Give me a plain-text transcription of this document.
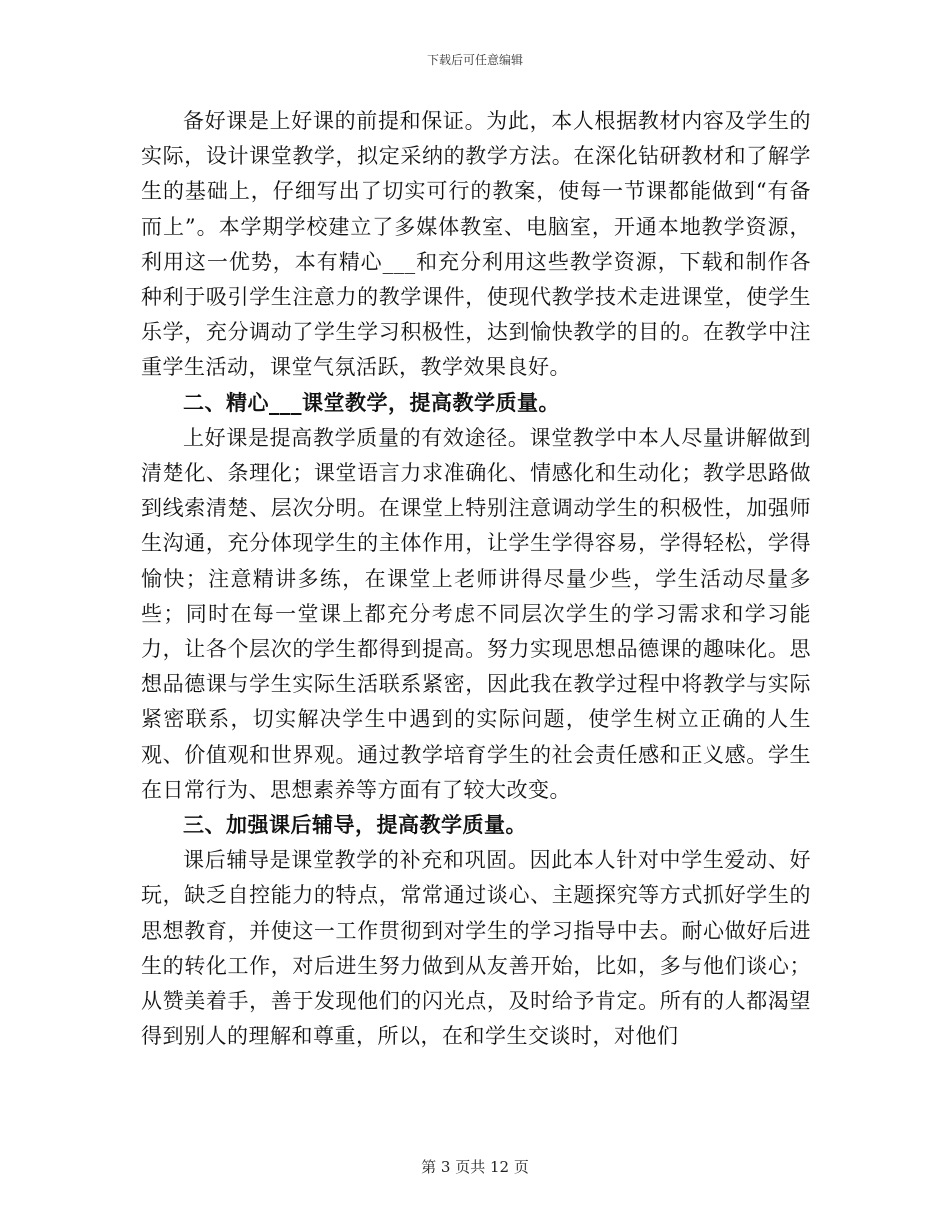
下载后可任意编辑

备好课是上好课的前提和保证。为此，本人根据教材内容及学生的实际，设计课堂教学，拟定采纳的教学方法。在深化钻研教材和了解学生的基础上，仔细写出了切实可行的教案，使每一节课都能做到“有备而上”。本学期学校建立了多媒体教室、电脑室，开通本地教学资源，利用这一优势，本有精心___和充分利用这些教学资源，下载和制作各种利于吸引学生注意力的教学课件，使现代教学技术走进课堂，使学生乐学，充分调动了学生学习积极性，达到愉快教学的目的。在教学中注重学生活动，课堂气氛活跃，教学效果良好。

二、精心___课堂教学，提高教学质量。

上好课是提高教学质量的有效途径。课堂教学中本人尽量讲解做到清楚化、条理化；课堂语言力求准确化、情感化和生动化；教学思路做到线索清楚、层次分明。在课堂上特别注意调动学生的积极性，加强师生沟通，充分体现学生的主体作用，让学生学得容易，学得轻松，学得愉快；注意精讲多练，在课堂上老师讲得尽量少些，学生活动尽量多些；同时在每一堂课上都充分考虑不同层次学生的学习需求和学习能力，让各个层次的学生都得到提高。努力实现思想品德课的趣味化。思想品德课与学生实际生活联系紧密，因此我在教学过程中将教学与实际紧密联系，切实解决学生中遇到的实际问题，使学生树立正确的人生观、价值观和世界观。通过教学培育学生的社会责任感和正义感。学生在日常行为、思想素养等方面有了较大改变。

三、加强课后辅导，提高教学质量。

课后辅导是课堂教学的补充和巩固。因此本人针对中学生爱动、好玩，缺乏自控能力的特点，常常通过谈心、主题探究等方式抓好学生的思想教育，并使这一工作贯彻到对学生的学习指导中去。耐心做好后进生的转化工作，对后进生努力做到从友善开始，比如，多与他们谈心；从赞美着手，善于发现他们的闪光点，及时给予肯定。所有的人都渴望得到别人的理解和尊重，所以，在和学生交谈时，对他们

第 3 页共 12 页
